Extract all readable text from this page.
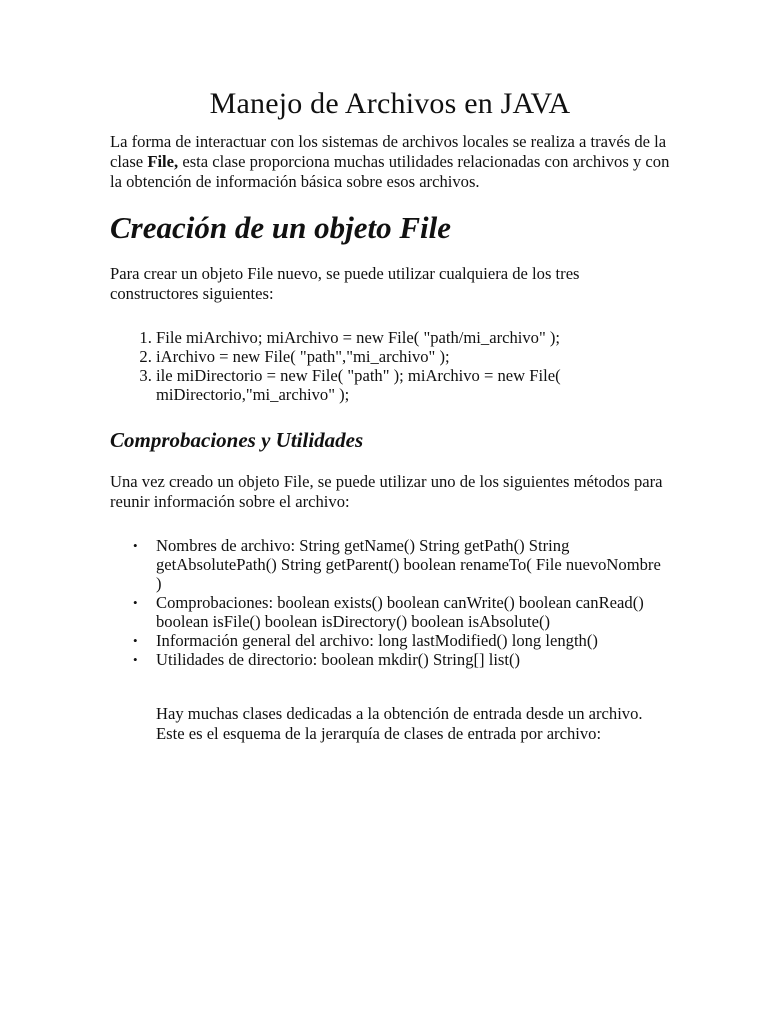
Manejo de Archivos en JAVA

La forma de interactuar con los sistemas de archivos locales se realiza a través de la clase File, esta clase proporciona muchas utilidades relacionadas con archivos y con la obtención de información básica sobre esos archivos.

Creación de un objeto File

Para crear un objeto File nuevo, se puede utilizar cualquiera de los tres constructores siguientes:

1. File miArchivo; miArchivo = new File( "path/mi_archivo" );
2. iArchivo = new File( "path","mi_archivo" );
3. ile miDirectorio = new File( "path" ); miArchivo = new File( miDirectorio,"mi_archivo" );
Comprobaciones y Utilidades

Una vez creado un objeto File, se puede utilizar uno de los siguientes métodos para reunir información sobre el archivo:

• Nombres de archivo: String getName() String getPath() String getAbsolutePath() String getParent() boolean renameTo( File nuevoNombre )
• Comprobaciones: boolean exists() boolean canWrite() boolean canRead() boolean isFile() boolean isDirectory() boolean isAbsolute()
• Información general del archivo: long lastModified() long length()
• Utilidades de directorio: boolean mkdir() String[] list()

Hay muchas clases dedicadas a la obtención de entrada desde un archivo. Este es el esquema de la jerarquía de clases de entrada por archivo:
